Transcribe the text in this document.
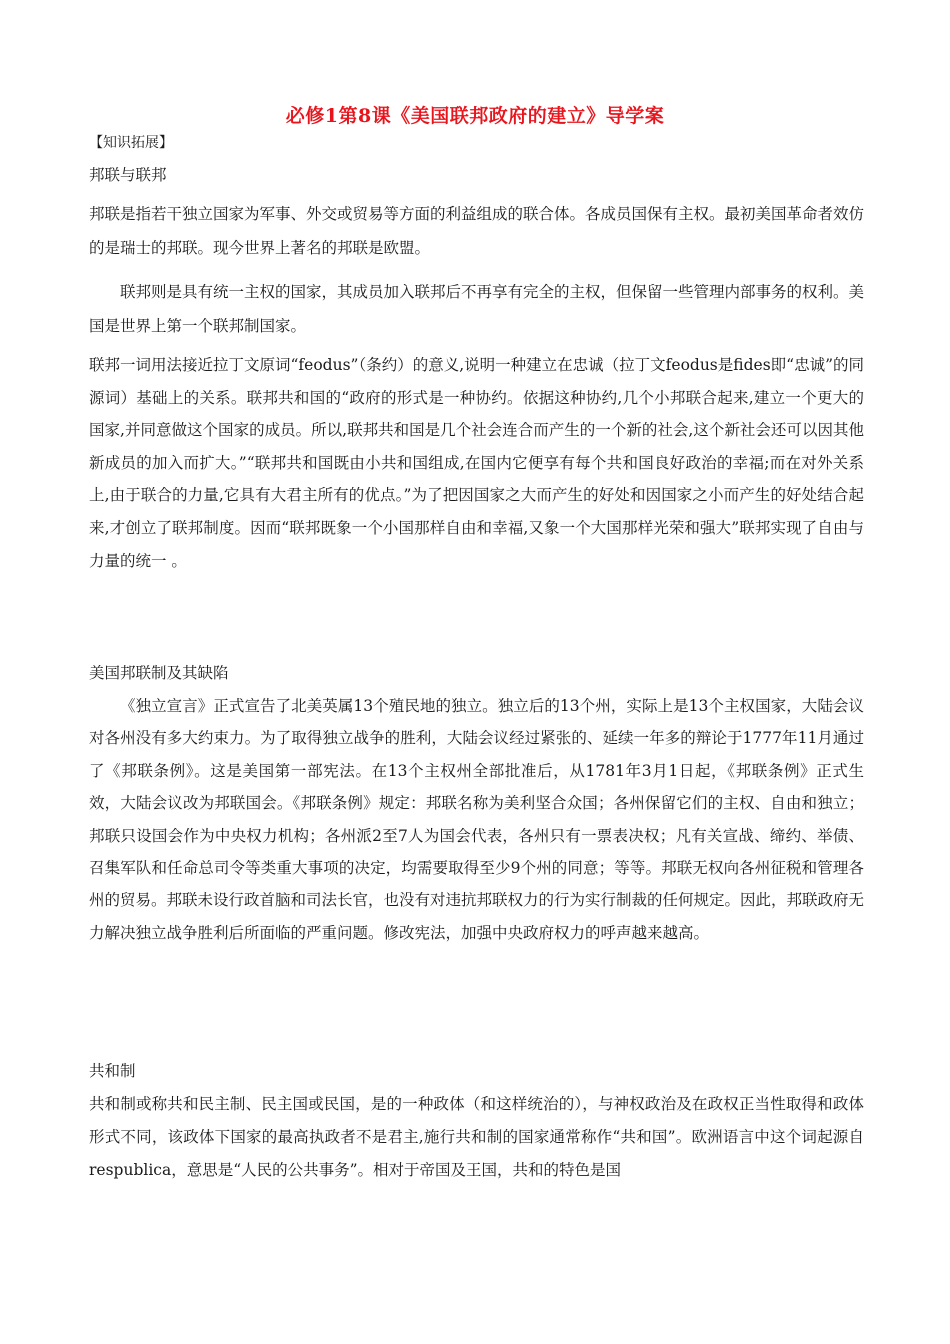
必修1第8课《美国联邦政府的建立》导学案
【知识拓展】
邦联与联邦

邦联是指若干独立国家为军事、外交或贸易等方面的利益组成的联合体。各成员国保有主权。最初美国革命者效仿的是瑞士的邦联。现今世界上著名的邦联是欧盟。

联邦则是具有统一主权的国家，其成员加入联邦后不再享有完全的主权，但保留一些管理内部事务的权利。美国是世界上第一个联邦制国家。

联邦一词用法接近拉丁文原词“feodus”（条约）的意义,说明一种建立在忠诚（拉丁文feodus是fides即“忠诚”的同源词）基础上的关系。联邦共和国的“政府的形式是一种协约。依据这种协约,几个小邦联合起来,建立一个更大的国家,并同意做这个国家的成员。所以,联邦共和国是几个社会连合而产生的一个新的社会,这个新社会还可以因其他新成员的加入而扩大。”“联邦共和国既由小共和国组成,在国内它便享有每个共和国良好政治的幸福;而在对外关系上,由于联合的力量,它具有大君主所有的优点。”为了把因国家之大而产生的好处和因国家之小而产生的好处结合起来,才创立了联邦制度。因而“联邦既象一个小国那样自由和幸福,又象一个大国那样光荣和强大”联邦实现了自由与力量的统一 。

美国邦联制及其缺陷

《独立宣言》正式宣告了北美英属13个殖民地的独立。独立后的13个州，实际上是13个主权国家，大陆会议对各州没有多大约束力。为了取得独立战争的胜利，大陆会议经过紧张的、延续一年多的辩论于1777年11月通过了《邦联条例》。这是美国第一部宪法。在13个主权州全部批准后，从1781年3月1日起，《邦联条例》正式生效，大陆会议改为邦联国会。《邦联条例》规定：邦联名称为美利坚合众国；各州保留它们的主权、自由和独立；邦联只设国会作为中央权力机构；各州派2至7人为国会代表，各州只有一票表决权；凡有关宣战、缔约、举债、召集军队和任命总司令等类重大事项的决定，均需要取得至少9个州的同意；等等。邦联无权向各州征税和管理各州的贸易。邦联未设行政首脑和司法长官，也没有对违抗邦联权力的行为实行制裁的任何规定。因此，邦联政府无力解决独立战争胜利后所面临的严重问题。修改宪法，加强中央政府权力的呼声越来越高。

共和制

共和制或称共和民主制、民主国或民国，是的一种政体（和这样统治的），与神权政治及在政权正当性取得和政体形式不同，该政体下国家的最高执政者不是君主,施行共和制的国家通常称作“共和国”。欧洲语言中这个词起源自respublica，意思是“人民的公共事务”。相对于帝国及王国，共和的特色是国
